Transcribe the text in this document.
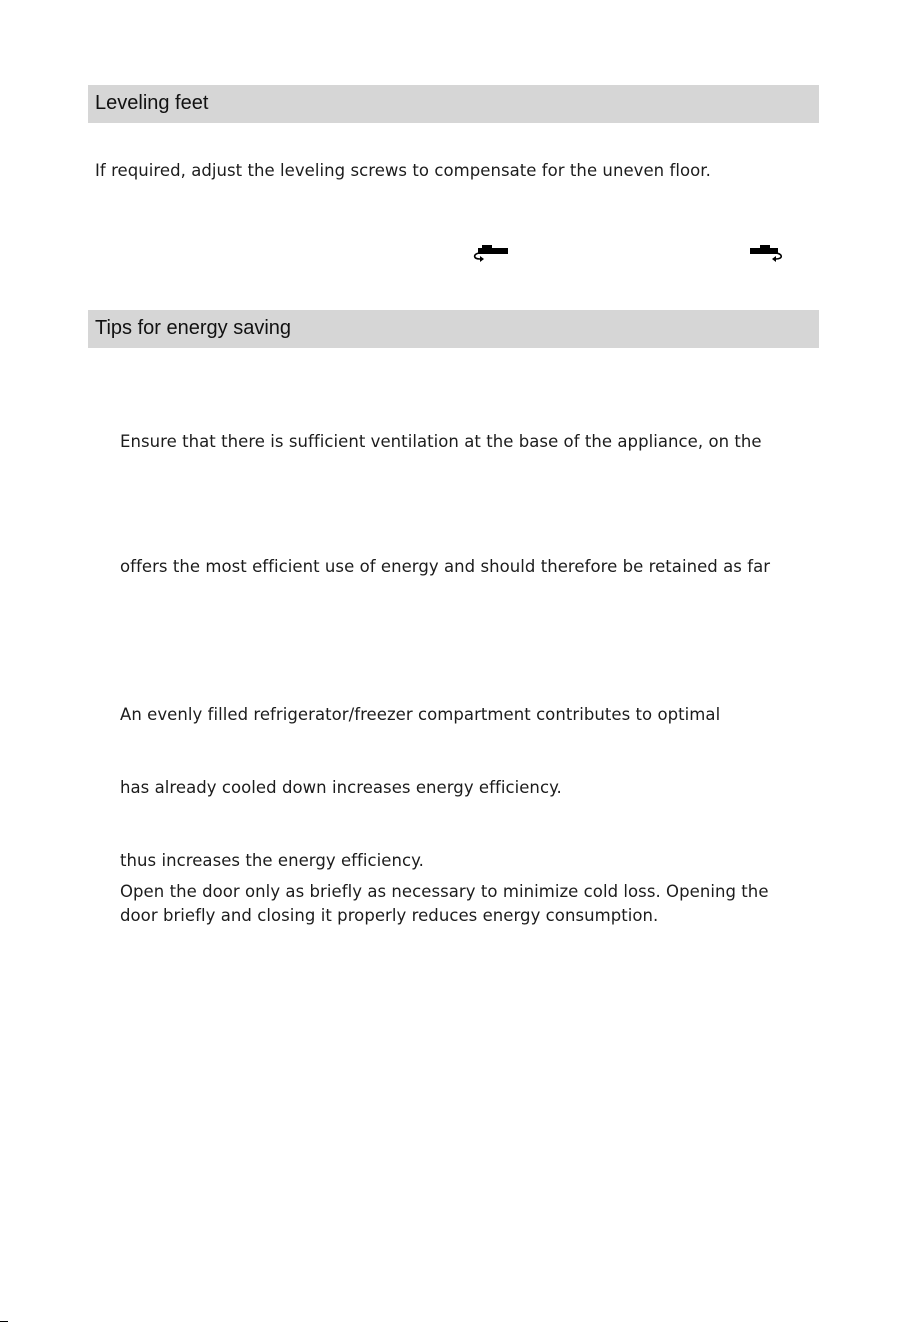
Leveling feet
If required, adjust the leveling screws to compensate for the uneven floor.
Tips for energy saving
Ensure that there is sufficient ventilation at the base of the appliance, on the
offers the most efficient use of energy and should therefore be retained as far
An evenly filled refrigerator/freezer compartment contributes to optimal
has already cooled down increases energy efficiency.
thus increases the energy efficiency.
Open the door only as briefly as necessary to minimize cold loss. Opening the
door briefly and closing it properly reduces energy consumption.
